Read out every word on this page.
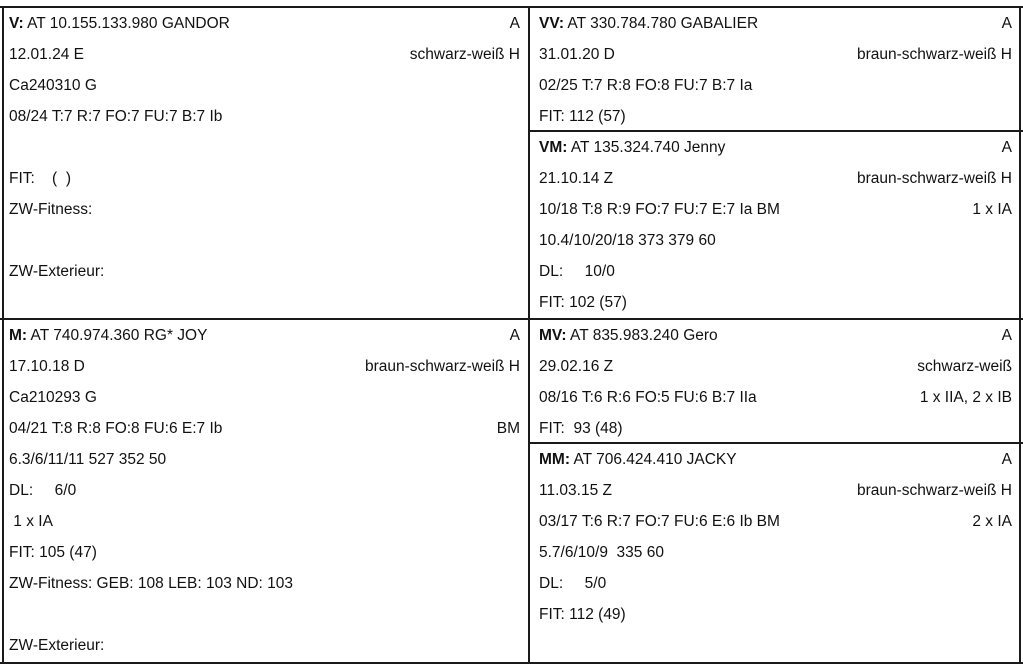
V: AT 10.155.133.980 GANDOR	A
12.01.24 E	schwarz-weiß H
Ca240310 G
08/24 T:7 R:7 FO:7 FU:7 B:7 Ib
FIT:    (  )
ZW-Fitness:
ZW-Exterieur:
VV: AT 330.784.780 GABALIER	A
31.01.20 D	braun-schwarz-weiß H
02/25 T:7 R:8 FO:8 FU:7 B:7 Ia
FIT: 112 (57)
VM: AT 135.324.740 Jenny	A
21.10.14 Z	braun-schwarz-weiß H
10/18 T:8 R:9 FO:7 FU:7 E:7 Ia BM	1 x IA
10.4/10/20/18 373 379 60
DL:     10/0
FIT: 102 (57)
M: AT 740.974.360 RG* JOY	A
17.10.18 D	braun-schwarz-weiß H
Ca210293 G
04/21 T:8 R:8 FO:8 FU:6 E:7 Ib	BM
6.3/6/11/11 527 352 50
DL:     6/0
1 x IA
FIT: 105 (47)
ZW-Fitness: GEB: 108 LEB: 103 ND: 103
ZW-Exterieur:
MV: AT 835.983.240 Gero	A
29.02.16 Z	schwarz-weiß
08/16 T:6 R:6 FO:5 FU:6 B:7 IIa	1 x IIA, 2 x IB
FIT:  93 (48)
MM: AT 706.424.410 JACKY	A
11.03.15 Z	braun-schwarz-weiß H
03/17 T:6 R:7 FO:7 FU:6 E:6 Ib BM	2 x IA
5.7/6/10/9  335 60
DL:     5/0
FIT: 112 (49)
